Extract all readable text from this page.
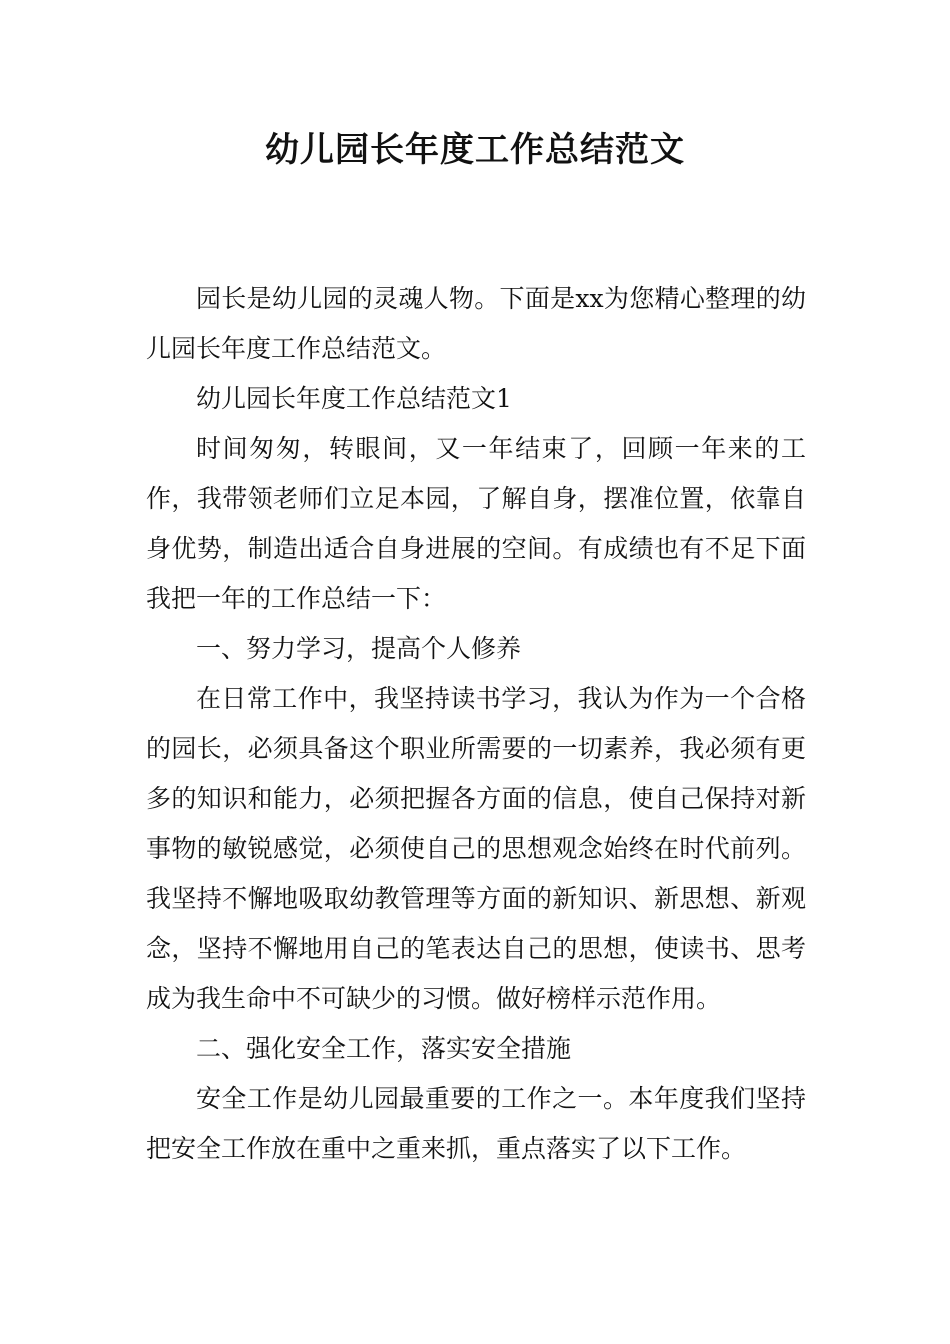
幼儿园长年度工作总结范文

园长是幼儿园的灵魂人物。下面是xx为您精心整理的幼儿园长年度工作总结范文。

幼儿园长年度工作总结范文1

时间匆匆，转眼间，又一年结束了，回顾一年来的工作，我带领老师们立足本园，了解自身，摆准位置，依靠自身优势，制造出适合自身进展的空间。有成绩也有不足下面我把一年的工作总结一下：

一、努力学习，提高个人修养

在日常工作中，我坚持读书学习，我认为作为一个合格的园长，必须具备这个职业所需要的一切素养，我必须有更多的知识和能力，必须把握各方面的信息，使自己保持对新事物的敏锐感觉，必须使自己的思想观念始终在时代前列。我坚持不懈地吸取幼教管理等方面的新知识、新思想、新观念，坚持不懈地用自己的笔表达自己的思想，使读书、思考成为我生命中不可缺少的习惯。做好榜样示范作用。

二、强化安全工作，落实安全措施

安全工作是幼儿园最重要的工作之一。本年度我们坚持把安全工作放在重中之重来抓，重点落实了以下工作。
